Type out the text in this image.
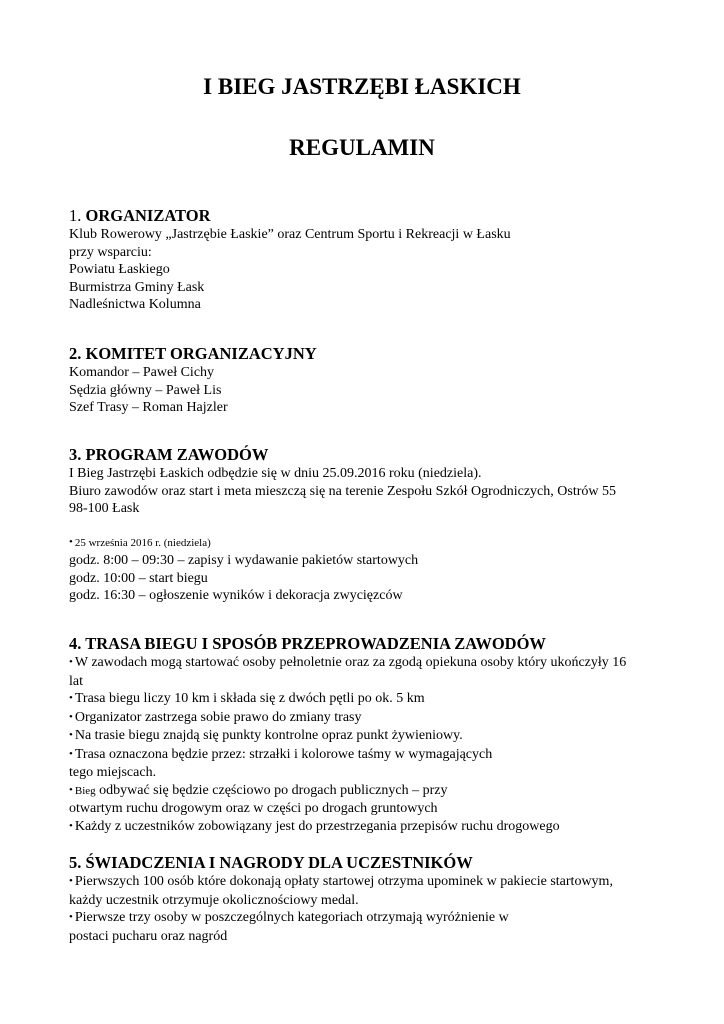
I BIEG JASTRZĘBI ŁASKICH
REGULAMIN
1. ORGANIZATOR
Klub Rowerowy „Jastrzębie Łaskie” oraz Centrum Sportu i Rekreacji w Łasku
przy wsparciu:
Powiatu Łaskiego
Burmistrza Gminy Łask
Nadleśnictwa Kolumna
2. KOMITET ORGANIZACYJNY
Komandor – Paweł Cichy
Sędzia główny – Paweł Lis
Szef Trasy – Roman Hajzler
3. PROGRAM ZAWODÓW
I Bieg Jastrzębi Łaskich odbędzie się w dniu 25.09.2016 roku (niedziela).
Biuro zawodów oraz start i meta mieszczą się na terenie Zespołu Szkół Ogrodniczych, Ostrów 55
98-100 Łask
• 25 września 2016 r. (niedziela)
godz. 8:00 – 09:30 – zapisy i wydawanie pakietów startowych
godz. 10:00 – start biegu
godz. 16:30 – ogłoszenie wyników i dekoracja zwycięzców
4. TRASA BIEGU I SPOSÓB PRZEPROWADZENIA ZAWODÓW
• W zawodach mogą startować osoby pełnoletnie oraz za zgodą opiekuna osoby który ukończyły 16
lat
• Trasa biegu liczy 10 km i składa się z dwóch pętli po ok. 5 km
• Organizator zastrzega sobie prawo do zmiany trasy
• Na trasie biegu znajdą się punkty kontrolne opraz punkt żywieniowy.
• Trasa oznaczona będzie przez: strzałki i kolorowe taśmy w wymagających
tego miejscach.
• Bieg odbywać się będzie częściowo po drogach publicznych – przy
otwartym ruchu drogowym oraz w części po drogach gruntowych
• Każdy z uczestników zobowiązany jest do przestrzegania przepisów ruchu drogowego
5. ŚWIADCZENIA I NAGRODY DLA UCZESTNIKÓW
• Pierwszych 100 osób które dokonają opłaty startowej otrzyma upominek w pakiecie startowym,
każdy uczestnik otrzymuje okolicznościowy medal.
• Pierwsze trzy osoby w poszczególnych kategoriach otrzymają wyróżnienie w
postaci pucharu oraz nagród
